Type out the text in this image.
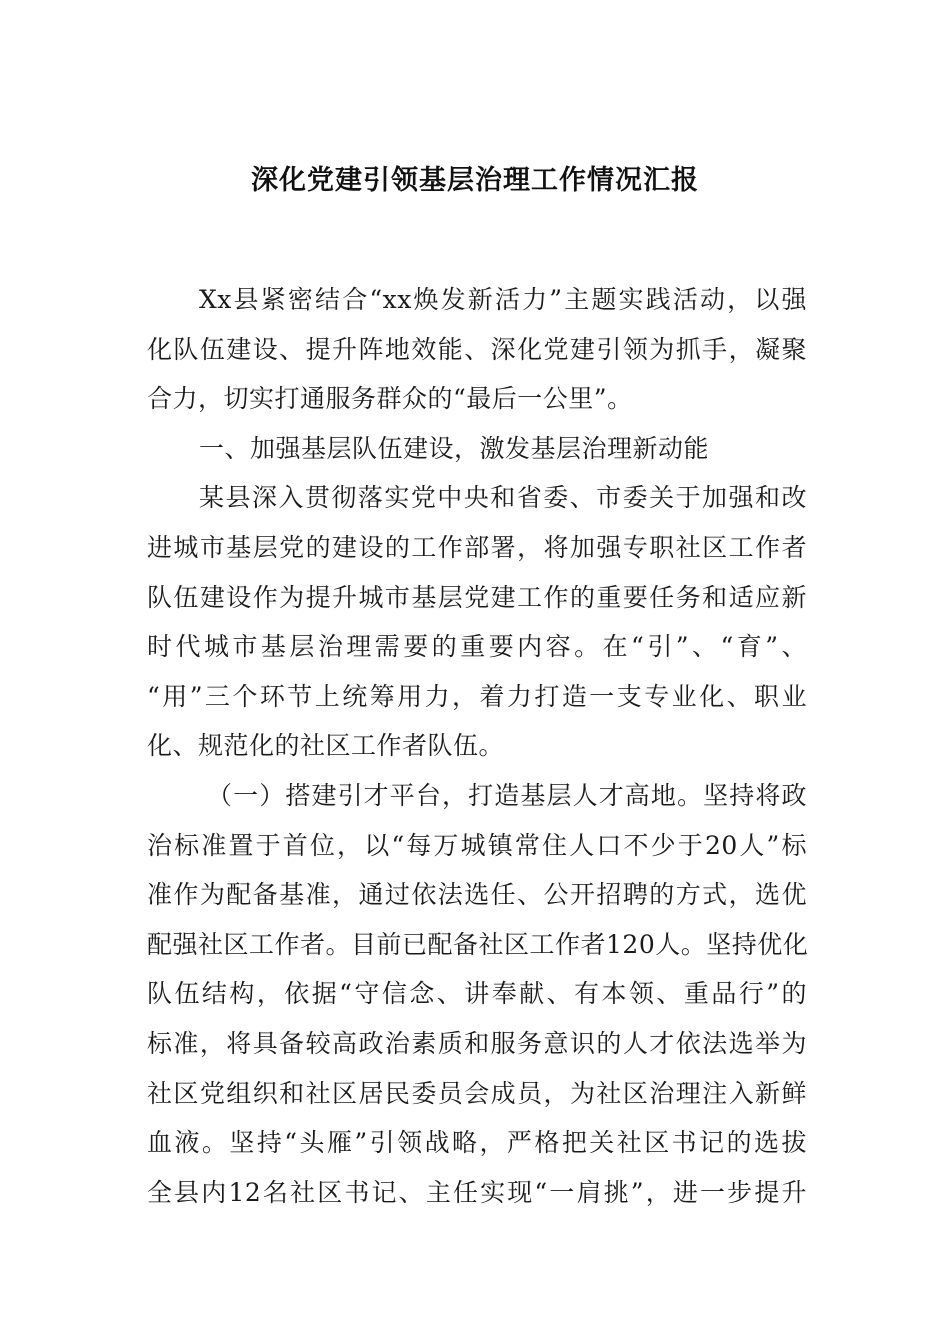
深化党建引领基层治理工作情况汇报
Xx县紧密结合“xx焕发新活力”主题实践活动，以强
化队伍建设、提升阵地效能、深化党建引领为抓手，凝聚
合力，切实打通服务群众的“最后一公里”。
一、加强基层队伍建设，激发基层治理新动能
某县深入贯彻落实党中央和省委、市委关于加强和改
进城市基层党的建设的工作部署，将加强专职社区工作者
队伍建设作为提升城市基层党建工作的重要任务和适应新
时代城市基层治理需要的重要内容。在“引”、“育”、
“用”三个环节上统筹用力，着力打造一支专业化、职业
化、规范化的社区工作者队伍。
（一）搭建引才平台，打造基层人才高地。坚持将政
治标准置于首位，以“每万城镇常住人口不少于20人”标
准作为配备基准，通过依法选任、公开招聘的方式，选优
配强社区工作者。目前已配备社区工作者120人。坚持优化
队伍结构，依据“守信念、讲奉献、有本领、重品行”的
标准，将具备较高政治素质和服务意识的人才依法选举为
社区党组织和社区居民委员会成员，为社区治理注入新鲜
血液。坚持“头雁”引领战略，严格把关社区书记的选拔
全县内12名社区书记、主任实现“一肩挑”，进一步提升
